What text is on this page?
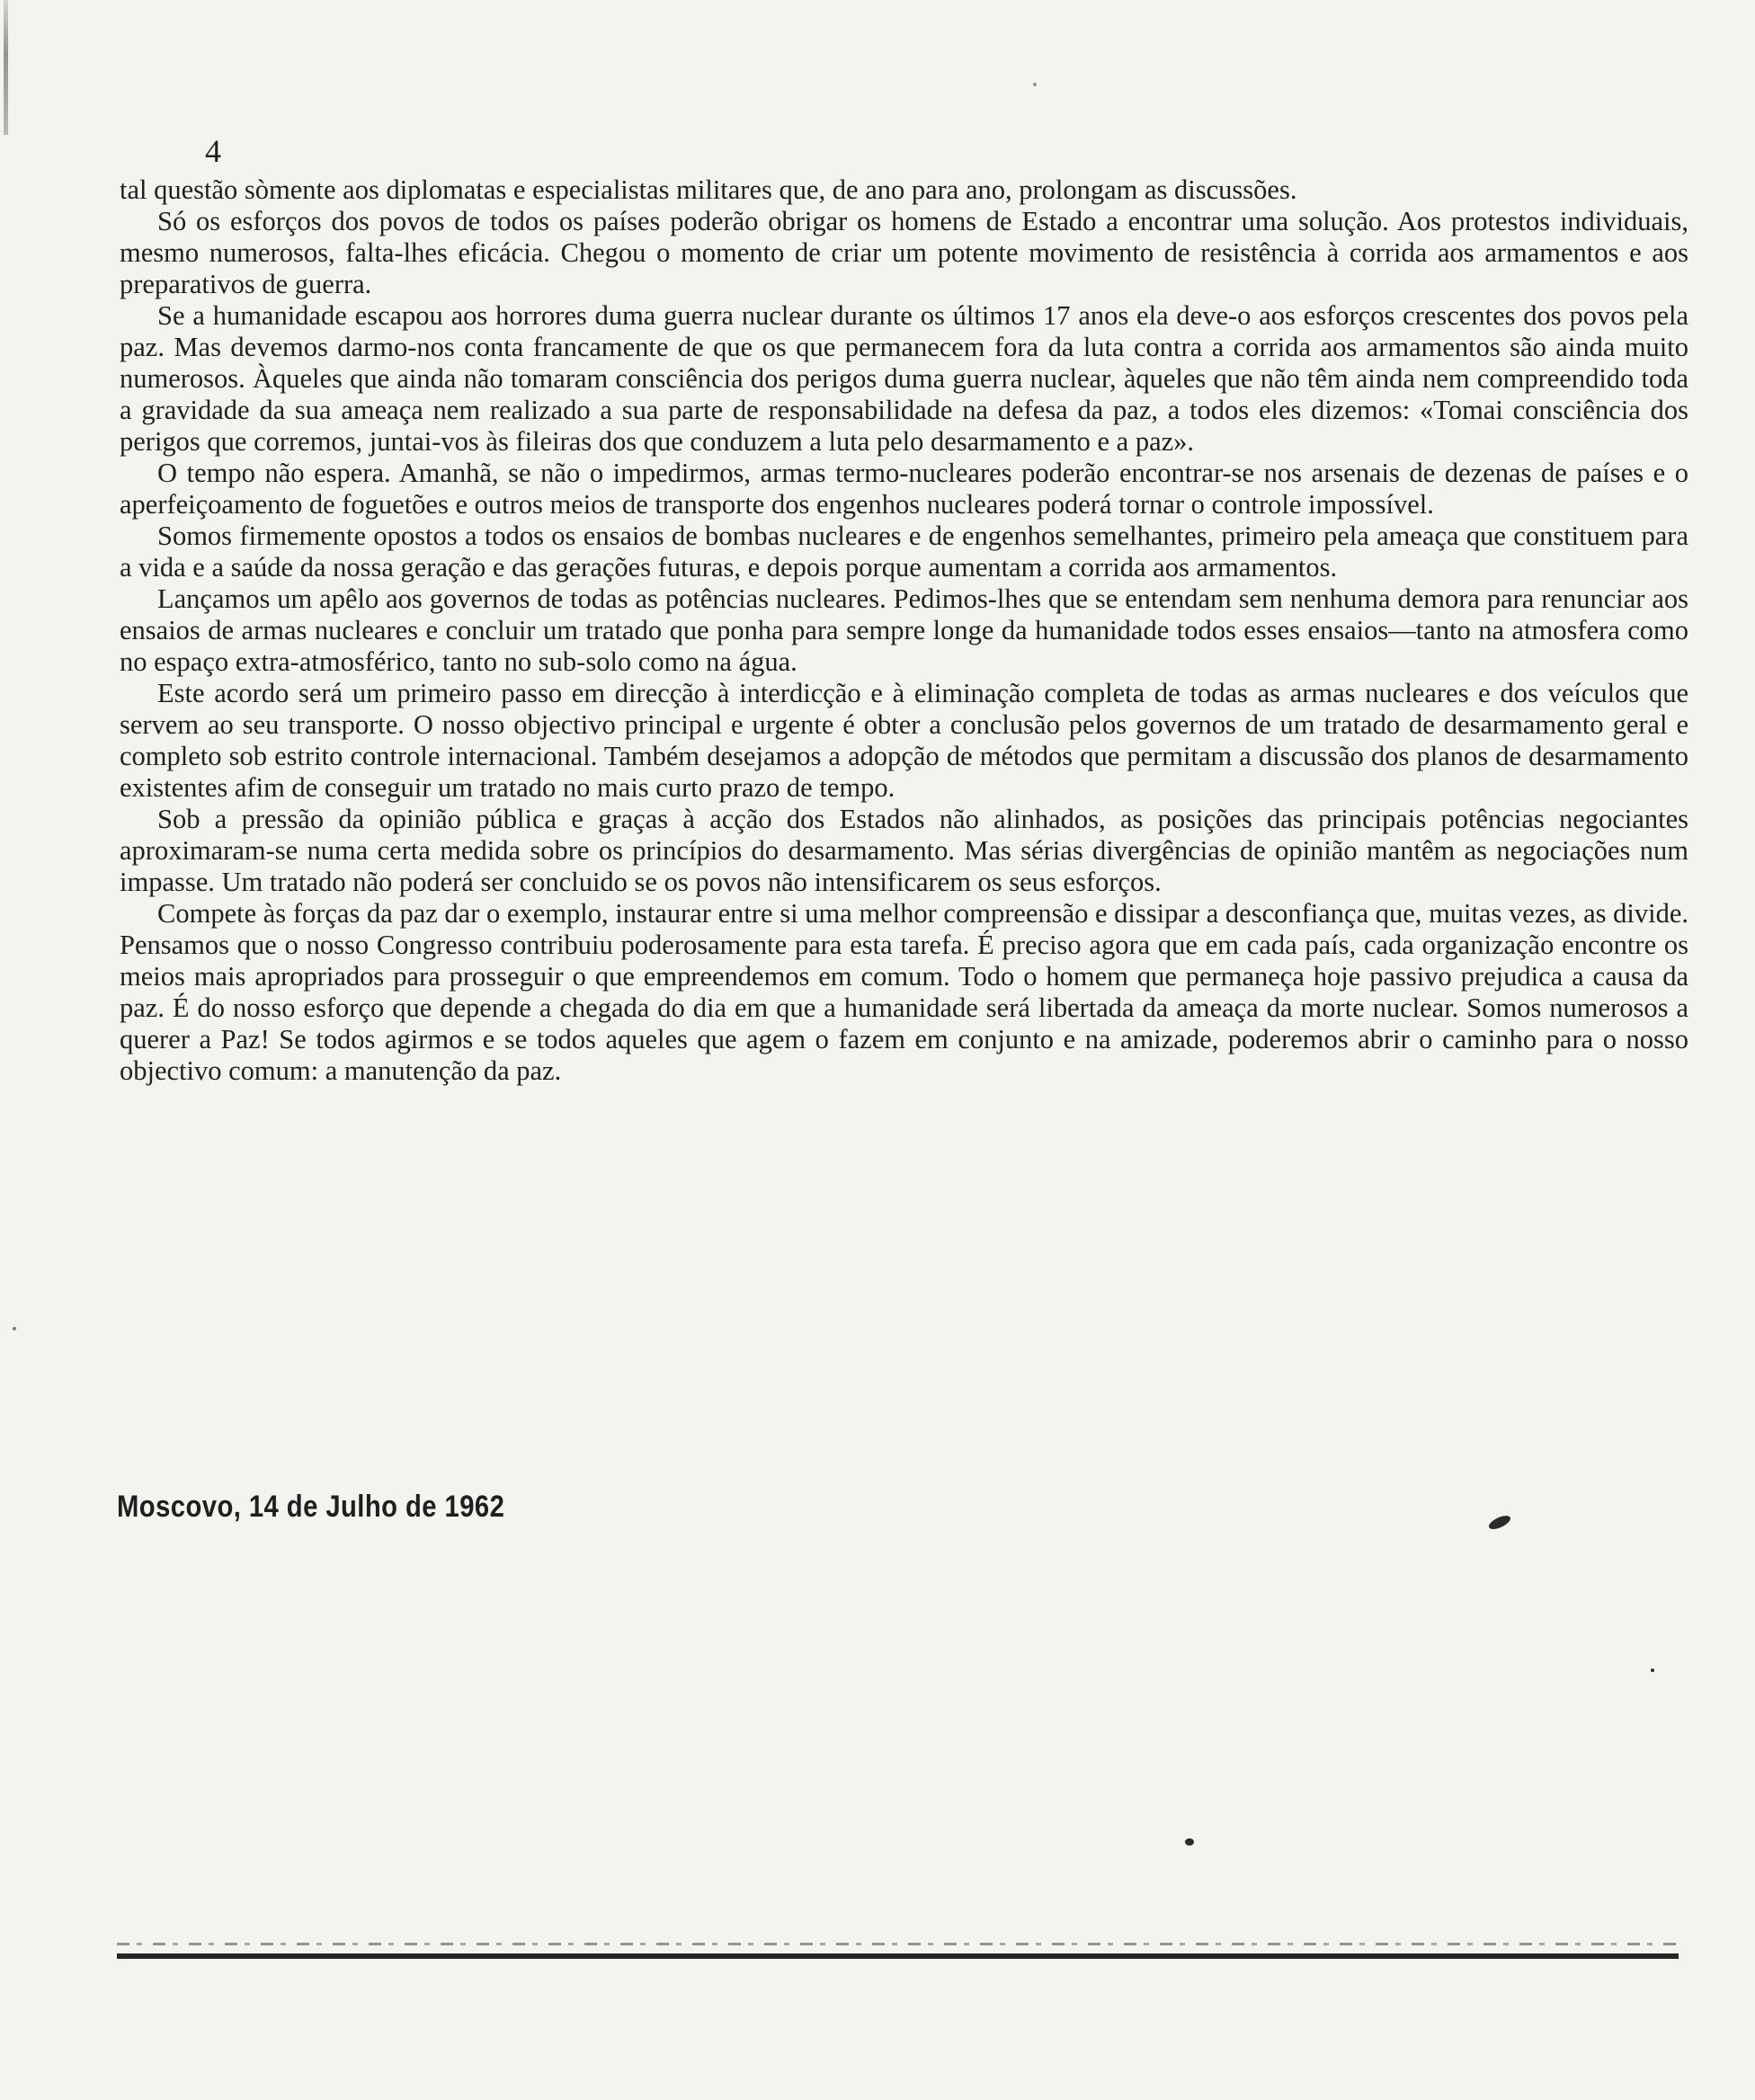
4

tal questão sòmente aos diplomatas e especialistas militares que, de ano para ano, prolongam as discussões.

Só os esforços dos povos de todos os países poderão obrigar os homens de Estado a encontrar uma solução. Aos protestos individuais, mesmo numerosos, falta-lhes eficácia. Chegou o momento de criar um potente movimento de resistência à corrida aos armamentos e aos preparativos de guerra.

Se a humanidade escapou aos horrores duma guerra nuclear durante os últimos 17 anos ela deve-o aos esforços crescentes dos povos pela paz. Mas devemos darmo-nos conta francamente de que os que permanecem fora da luta contra a corrida aos armamentos são ainda muito numerosos. Àqueles que ainda não tomaram consciência dos perigos duma guerra nuclear, àqueles que não têm ainda nem compreendido toda a gravidade da sua ameaça nem realizado a sua parte de responsabilidade na defesa da paz, a todos eles dizemos: «Tomai consciência dos perigos que corremos, juntai-vos às fileiras dos que conduzem a luta pelo desarmamento e a paz».

O tempo não espera. Amanhã, se não o impedirmos, armas termo-nucleares poderão encontrar-se nos arsenais de dezenas de países e o aperfeiçoamento de foguetões e outros meios de transporte dos engenhos nucleares poderá tornar o controle impossível.

Somos firmemente opostos a todos os ensaios de bombas nucleares e de engenhos semelhantes, primeiro pela ameaça que constituem para a vida e a saúde da nossa geração e das gerações futuras, e depois porque aumentam a corrida aos armamentos.

Lançamos um apêlo aos governos de todas as potências nucleares. Pedimos-lhes que se entendam sem nenhuma demora para renunciar aos ensaios de armas nucleares e concluir um tratado que ponha para sempre longe da humanidade todos esses ensaios—tanto na atmosfera como no espaço extra-atmosférico, tanto no sub-solo como na água.

Este acordo será um primeiro passo em direcção à interdicção e à eliminação completa de todas as armas nucleares e dos veículos que servem ao seu transporte. O nosso objectivo principal e urgente é obter a conclusão pelos governos de um tratado de desarmamento geral e completo sob estrito controle internacional. Também desejamos a adopção de métodos que permitam a discussão dos planos de desarmamento existentes afim de conseguir um tratado no mais curto prazo de tempo.

Sob a pressão da opinião pública e graças à acção dos Estados não alinhados, as posições das principais potências negociantes aproximaram-se numa certa medida sobre os princípios do desarmamento. Mas sérias divergências de opinião mantêm as negociações num impasse. Um tratado não poderá ser concluido se os povos não intensificarem os seus esforços.

Compete às forças da paz dar o exemplo, instaurar entre si uma melhor compreensão e dissipar a desconfiança que, muitas vezes, as divide. Pensamos que o nosso Congresso contribuiu poderosamente para esta tarefa. É preciso agora que em cada país, cada organização encontre os meios mais apropriados para prosseguir o que empreendemos em comum. Todo o homem que permaneça hoje passivo prejudica a causa da paz. É do nosso esforço que depende a chegada do dia em que a humanidade será libertada da ameaça da morte nuclear. Somos numerosos a querer a Paz! Se todos agirmos e se todos aqueles que agem o fazem em conjunto e na amizade, poderemos abrir o caminho para o nosso objectivo comum: a manutenção da paz.

Moscovo, 14 de Julho de 1962
